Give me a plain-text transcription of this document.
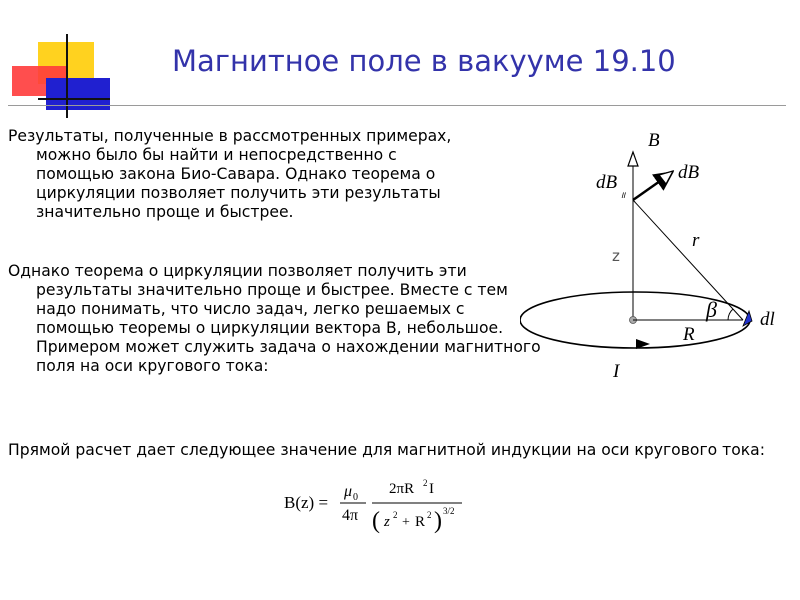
Магнитное поле в вакууме 19.10

Результаты, полученные в рассмотренных примерах, можно было бы найти и непосредственно с помощью закона Био-Савара. Однако теорема о циркуляции позволяет получить эти результаты значительно проще и быстрее.

Однако теорема о циркуляции позволяет получить эти результаты значительно проще и быстрее. Вместе с тем надо понимать, что число задач, легко решаемых с помощью теоремы о циркуляции вектора B, небольшое. Примером может служить задача о нахождении магнитного поля на оси кругового тока:

Прямой расчет дает следующее значение для магнитной индукции на оси кругового тока:

B
dB
dB
॥
r
z
β
R
dl
I
B(z) =
μ 0
4π
2πR 2 I
( z 2 + R 2 ) 3/2
